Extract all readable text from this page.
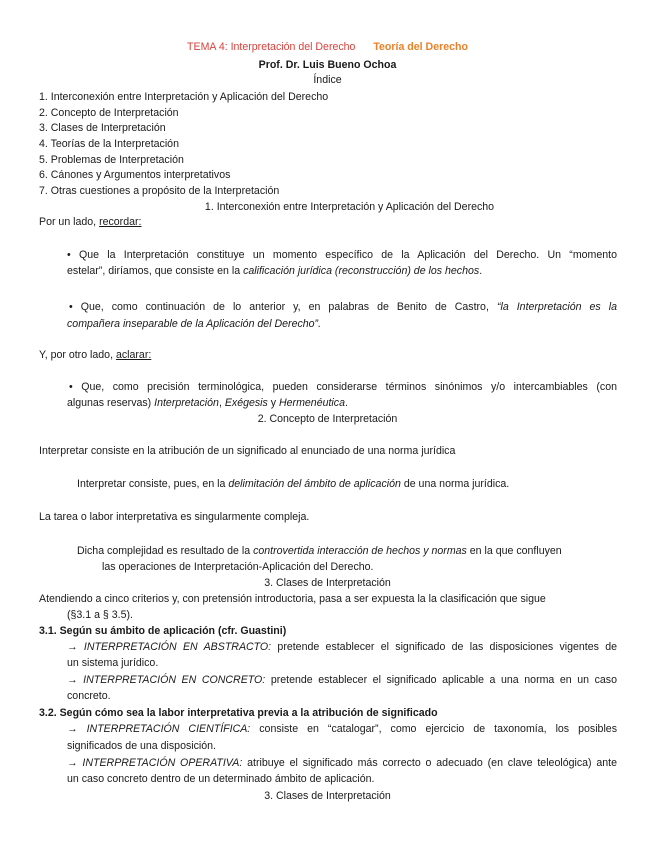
TEMA 4: Interpretación del Derecho Teoría del Derecho
Prof. Dr. Luis Bueno Ochoa
Índice
1. Interconexión entre Interpretación y Aplicación del Derecho
2. Concepto de Interpretación
3. Clases de Interpretación
4. Teorías de la Interpretación
5. Problemas de Interpretación
6. Cánones y Argumentos interpretativos
7. Otras cuestiones a propósito de la Interpretación
1. Interconexión entre Interpretación y Aplicación del Derecho
Por un lado, recordar:
• Que la Interpretación constituye un momento específico de la Aplicación del Derecho. Un “momento
estelar”, diríamos, que consiste en la calificación jurídica (reconstrucción) de los hechos.
• Que, como continuación de lo anterior y, en palabras de Benito de Castro, “la Interpretación es la
compañera inseparable de la Aplicación del Derecho”.
Y, por otro lado, aclarar:
• Que, como precisión terminológica, pueden considerarse términos sinónimos y/o intercambiables (con
algunas reservas) Interpretación, Exégesis y Hermenéutica.
2. Concepto de Interpretación
Interpretar consiste en la atribución de un significado al enunciado de una norma jurídica
Interpretar consiste, pues, en la delimitación del ámbito de aplicación de una norma jurídica.
La tarea o labor interpretativa es singularmente compleja.
Dicha complejidad es resultado de la controvertida interacción de hechos y normas en la que confluyen
las operaciones de Interpretación-Aplicación del Derecho.
3. Clases de Interpretación
Atendiendo a cinco criterios y, con pretensión introductoria, pasa a ser expuesta la la clasificación que sigue
(§3.1 a § 3.5).
3.1. Según su ámbito de aplicación (cfr. Guastini)
→ INTERPRETACIÓN EN ABSTRACTO: pretende establecer el significado de las disposiciones vigentes de
un sistema jurídico.
→ INTERPRETACIÓN EN CONCRETO: pretende establecer el significado aplicable a una norma en un caso
concreto.
3.2. Según cómo sea la labor interpretativa previa a la atribución de significado
→ INTERPRETACIÓN CIENTÍFICA: consiste en “catalogar”, como ejercicio de taxonomía, los posibles
significados de una disposición.
→ INTERPRETACIÓN OPERATIVA: atribuye el significado más correcto o adecuado (en clave teleológica) ante
un caso concreto dentro de un determinado ámbito de aplicación.
3. Clases de Interpretación
